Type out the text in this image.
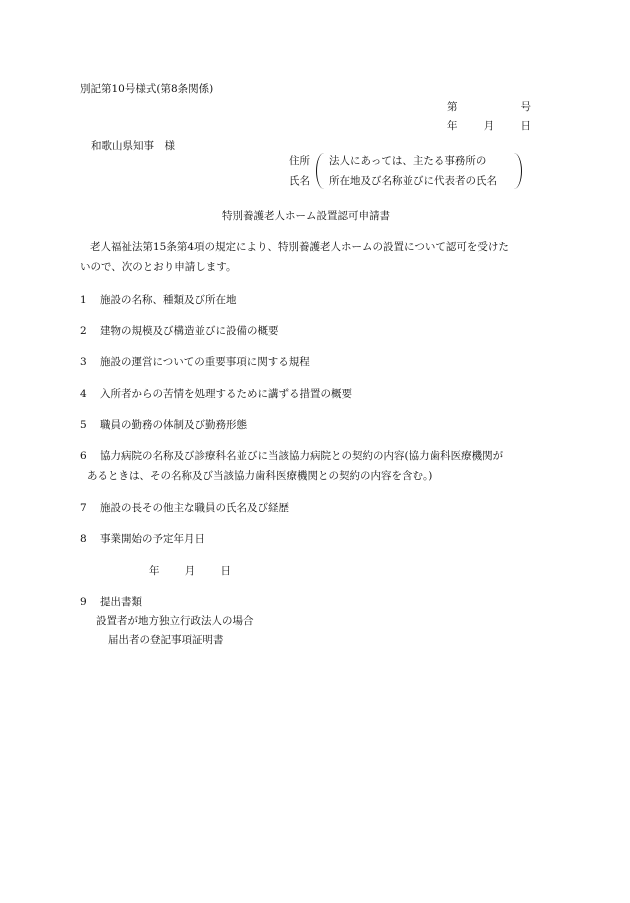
別記第10号様式(第8条関係)
第	号
年	月	日
和歌山県知事　様
住所
氏名
法人にあっては、主たる事務所の
所在地及び名称並びに代表者の氏名
特別養護老人ホーム設置認可申請書
老人福祉法第15条第4項の規定により、特別養護老人ホームの設置について認可を受けた
いので、次のとおり申請します。
1 施設の名称、種類及び所在地
2 建物の規模及び構造並びに設備の概要
3 施設の運営についての重要事項に関する規程
4 入所者からの苦情を処理するために講ずる措置の概要
5 職員の勤務の体制及び勤務形態
6 協力病院の名称及び診療科名並びに当該協力病院との契約の内容(協力歯科医療機関が
あるときは、その名称及び当該協力歯科医療機関との契約の内容を含む。)
7 施設の長その他主な職員の氏名及び経歴
8 事業開始の予定年月日
年 月 日
9 提出書類
設置者が地方独立行政法人の場合
届出者の登記事項証明書
